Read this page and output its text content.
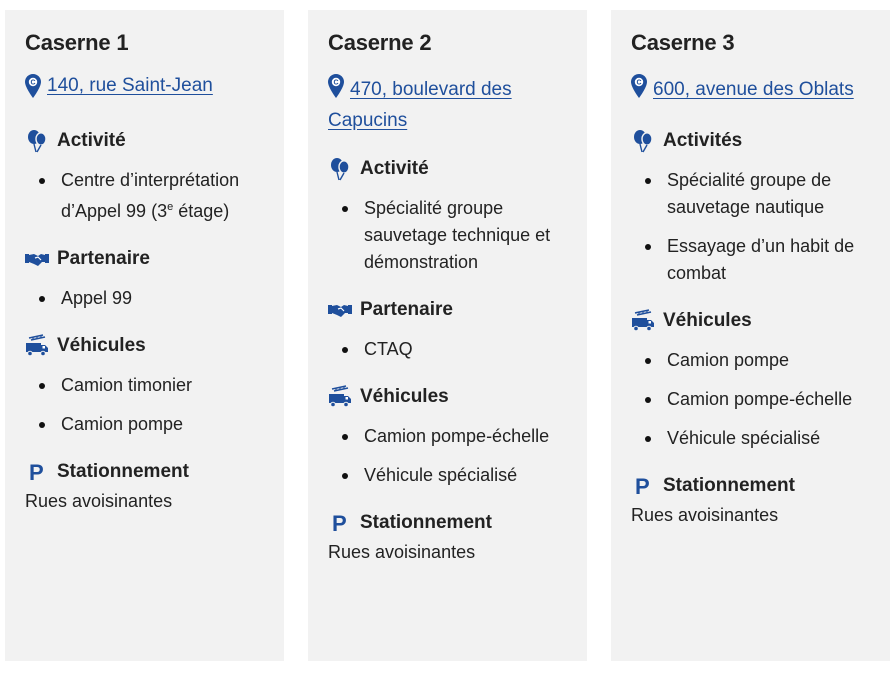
Caserne 1
C 140, rue Saint-Jean
Activité
Centre d’interprétation d’Appel 99 (3e étage)
Partenaire
Appel 99
Véhicules
Camion timonier
Camion pompe
P Stationnement
Rues avoisinantes
Caserne 2
C 470, boulevard des Capucins
Activité
Spécialité groupe sauvetage technique et démonstration
Partenaire
CTAQ
Véhicules
Camion pompe-échelle
Véhicule spécialisé
P Stationnement
Rues avoisinantes
Caserne 3
C 600, avenue des Oblats
Activités
Spécialité groupe de sauvetage nautique
Essayage d’un habit de combat
Véhicules
Camion pompe
Camion pompe-échelle
Véhicule spécialisé
P Stationnement
Rues avoisinantes
